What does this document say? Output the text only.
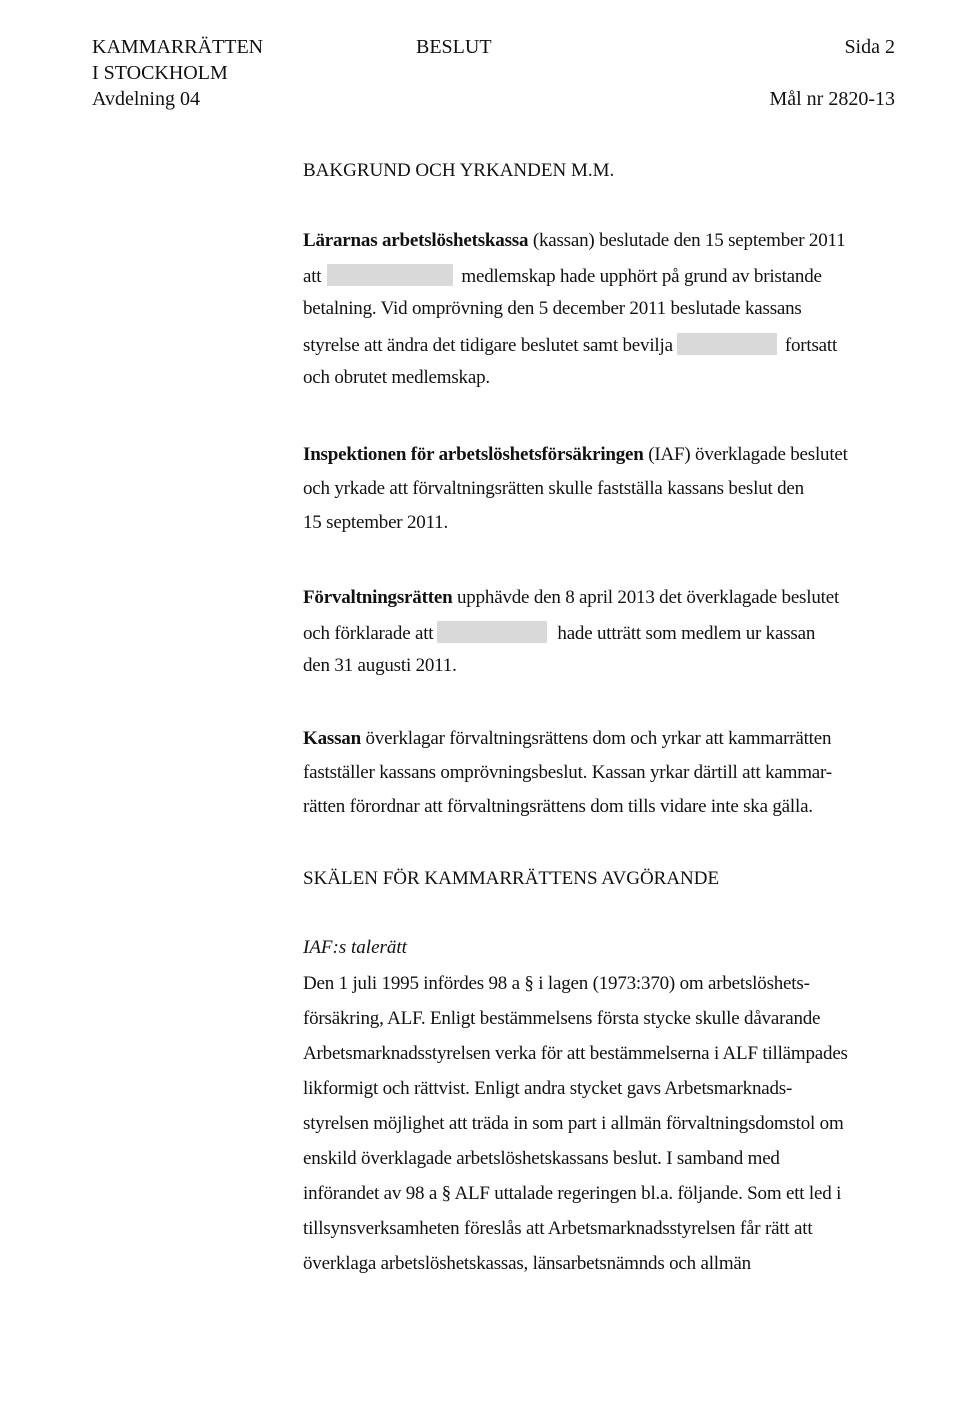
KAMMARRÄTTEN
I STOCKHOLM
Avdelning 04
BESLUT	Sida 2
Mål nr 2820-13
BAKGRUND OCH YRKANDEN M.M.
Lärarnas arbetslöshetskassa (kassan) beslutade den 15 september 2011
att	medlemskap hade upphört på grund av bristande
betalning. Vid omprövning den 5 december 2011 beslutade kassans
styrelse att ändra det tidigare beslutet samt bevilja	fortsatt
och obrutet medlemskap.
Inspektionen för arbetslöshetsförsäkringen (IAF) överklagade beslutet
och yrkade att förvaltningsrätten skulle fastställa kassans beslut den
15 september 2011.
Förvaltningsrätten upphävde den 8 april 2013 det överklagade beslutet
och förklarade att	hade utträtt som medlem ur kassan
den 31 augusti 2011.
Kassan överklagar förvaltningsrättens dom och yrkar att kammarrätten
fastställer kassans omprövningsbeslut. Kassan yrkar därtill att kammar-
rätten förordnar att förvaltningsrättens dom tills vidare inte ska gälla.
SKÄLEN FÖR KAMMARRÄTTENS AVGÖRANDE
IAF:s talerätt
Den 1 juli 1995 infördes 98 a § i lagen (1973:370) om arbetslöshets-
försäkring, ALF. Enligt bestämmelsens första stycke skulle dåvarande
Arbetsmarknadsstyrelsen verka för att bestämmelserna i ALF tillämpades
likformigt och rättvist. Enligt andra stycket gavs Arbetsmarknads-
styrelsen möjlighet att träda in som part i allmän förvaltningsdomstol om
enskild överklagade arbetslöshetskassans beslut. I samband med
införandet av 98 a § ALF uttalade regeringen bl.a. följande. Som ett led i
tillsynsverksamheten föreslås att Arbetsmarknadsstyrelsen får rätt att
överklaga arbetslöshetskassas, länsarbetsnämnds och allmän
